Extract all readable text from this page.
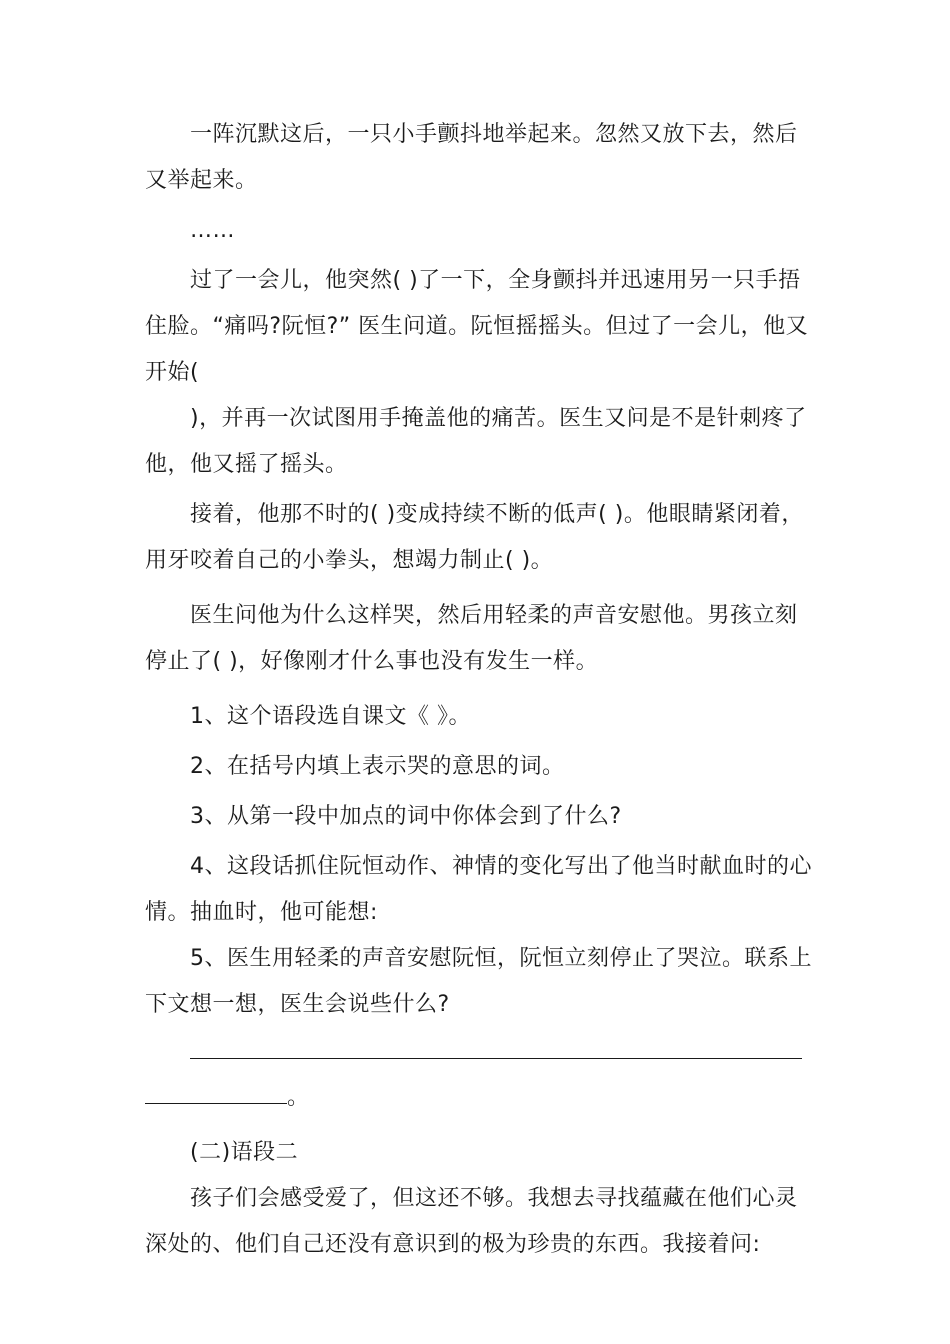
一阵沉默这后，一只小手颤抖地举起来。忽然又放下去，然后又举起来。

……

过了一会儿，他突然( )了一下，全身颤抖并迅速用另一只手捂住脸。“痛吗?阮恒?” 医生问道。阮恒摇摇头。但过了一会儿，他又开始(

)，并再一次试图用手掩盖他的痛苦。医生又问是不是针刺疼了他，他又摇了摇头。

接着，他那不时的( )变成持续不断的低声( )。他眼睛紧闭着，用牙咬着自己的小拳头，想竭力制止( )。

医生问他为什么这样哭，然后用轻柔的声音安慰他。男孩立刻停止了( )，好像刚才什么事也没有发生一样。

1、这个语段选自课文《 》。

2、在括号内填上表示哭的意思的词。

3、从第一段中加点的词中你体会到了什么?

4、这段话抓住阮恒动作、神情的变化写出了他当时献血时的心情。抽血时，他可能想:

5、医生用轻柔的声音安慰阮恒，阮恒立刻停止了哭泣。联系上下文想一想，医生会说些什么?

。

(二)语段二

孩子们会感受爱了，但这还不够。我想去寻找蕴藏在他们心灵深处的、他们自己还没有意识到的极为珍贵的东西。我接着问:
